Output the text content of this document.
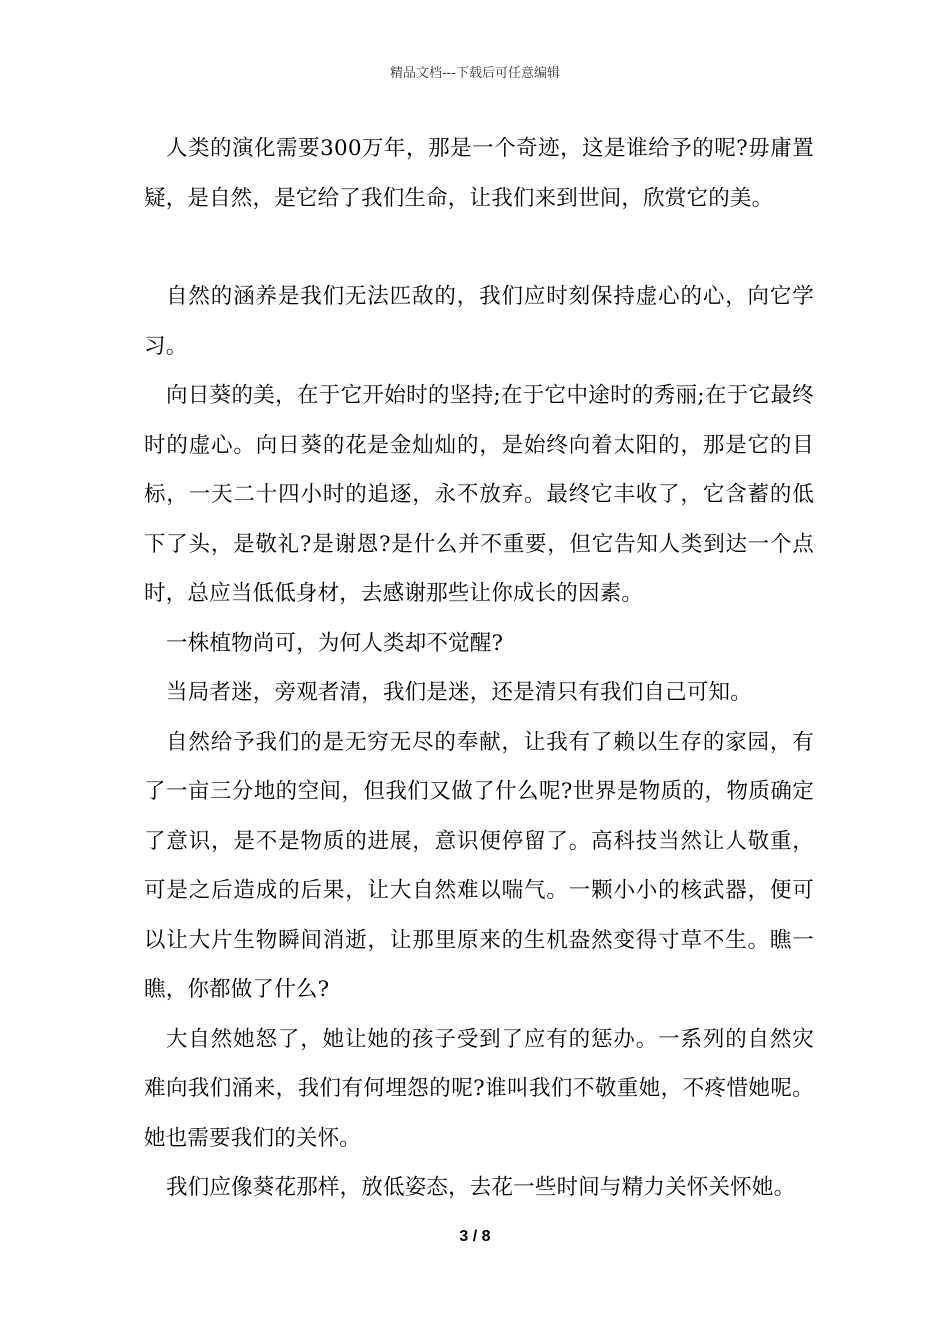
精品文档---下载后可任意编辑

人类的演化需要300万年，那是一个奇迹，这是谁给予的呢?毋庸置疑，是自然，是它给了我们生命，让我们来到世间，欣赏它的美。

自然的涵养是我们无法匹敌的，我们应时刻保持虚心的心，向它学习。

向日葵的美，在于它开始时的坚持;在于它中途时的秀丽;在于它最终时的虚心。向日葵的花是金灿灿的，是始终向着太阳的，那是它的目标，一天二十四小时的追逐，永不放弃。最终它丰收了，它含蓄的低下了头，是敬礼?是谢恩?是什么并不重要，但它告知人类到达一个点时，总应当低低身材，去感谢那些让你成长的因素。

一株植物尚可，为何人类却不觉醒?

当局者迷，旁观者清，我们是迷，还是清只有我们自己可知。

自然给予我们的是无穷无尽的奉献，让我有了赖以生存的家园，有了一亩三分地的空间，但我们又做了什么呢?世界是物质的，物质确定了意识，是不是物质的进展，意识便停留了。高科技当然让人敬重，可是之后造成的后果，让大自然难以喘气。一颗小小的核武器，便可以让大片生物瞬间消逝，让那里原来的生机盎然变得寸草不生。瞧一瞧，你都做了什么?

大自然她怒了，她让她的孩子受到了应有的惩办。一系列的自然灾难向我们涌来，我们有何埋怨的呢?谁叫我们不敬重她，不疼惜她呢。她也需要我们的关怀。

我们应像葵花那样，放低姿态，去花一些时间与精力关怀关怀她。

3 / 8
